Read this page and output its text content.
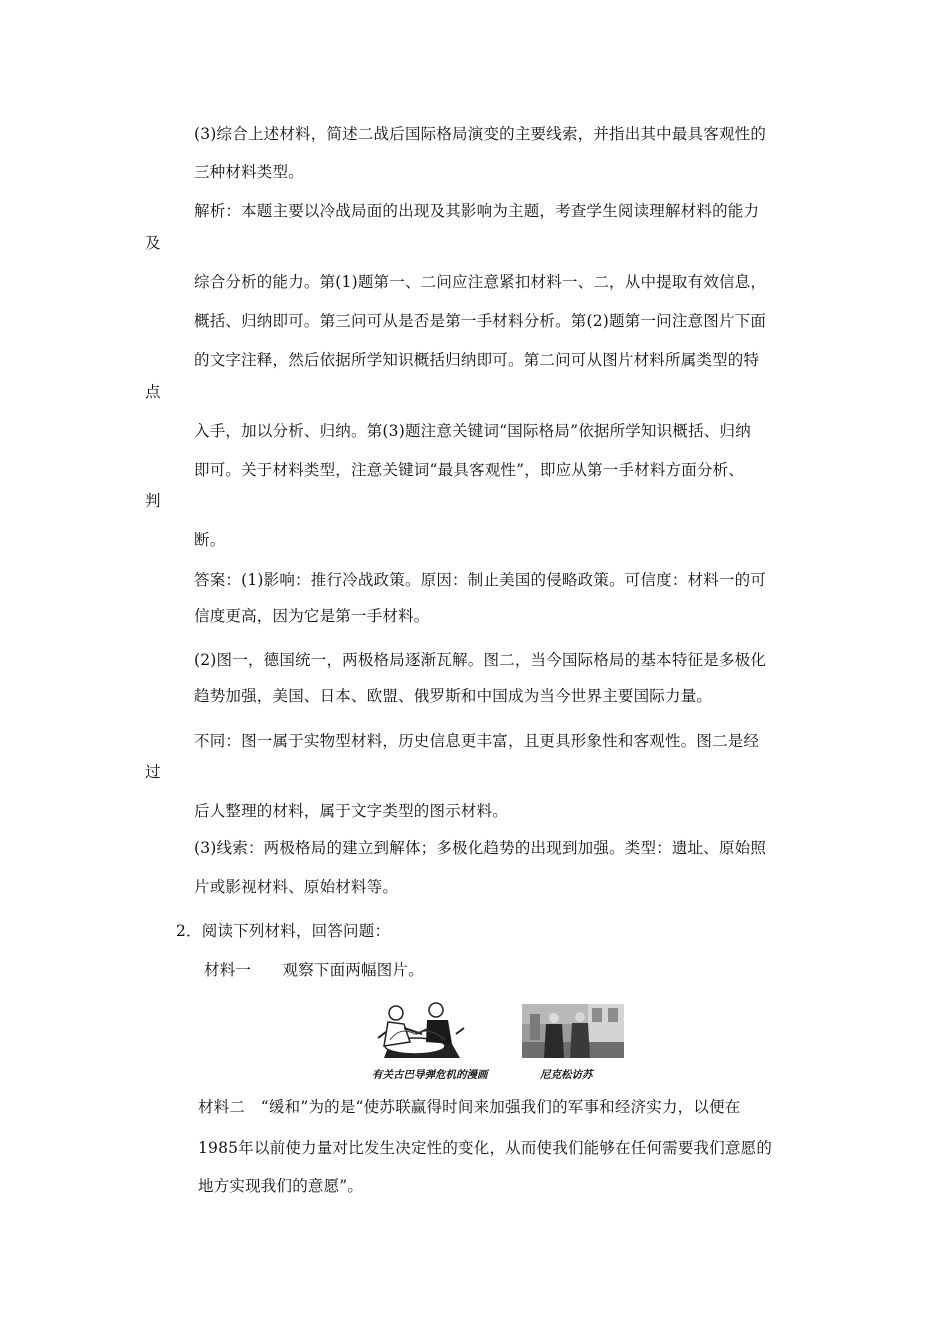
(3)综合上述材料，简述二战后国际格局演变的主要线索，并指出其中最具客观性的
三种材料类型。
解析：本题主要以冷战局面的出现及其影响为主题，考查学生阅读理解材料的能力
及
综合分析的能力。第(1)题第一、二问应注意紧扣材料一、二，从中提取有效信息，
概括、归纳即可。第三问可从是否是第一手材料分析。第(2)题第一问注意图片下面
的文字注释，然后依据所学知识概括归纳即可。第二问可从图片材料所属类型的特
点
入手，加以分析、归纳。第(3)题注意关键词“国际格局”依据所学知识概括、归纳
即可。关于材料类型，注意关键词“最具客观性”，即应从第一手材料方面分析、
判
断。
答案：(1)影响：推行冷战政策。原因：制止美国的侵略政策。可信度：材料一的可
信度更高，因为它是第一手材料。
(2)图一，德国统一，两极格局逐渐瓦解。图二，当今国际格局的基本特征是多极化
趋势加强，美国、日本、欧盟、俄罗斯和中国成为当今世界主要国际力量。
不同：图一属于实物型材料，历史信息更丰富，且更具形象性和客观性。图二是经
过
后人整理的材料，属于文字类型的图示材料。
(3)线索：两极格局的建立到解体；多极化趋势的出现到加强。类型：遗址、原始照
片或影视材料、原始材料等。
2．阅读下列材料，回答问题：
材料一　　观察下面两幅图片。
有关古巴导弹危机的漫画	尼克松访苏
材料二　“缓和”为的是“使苏联赢得时间来加强我们的军事和经济实力，以便在
1985年以前使力量对比发生决定性的变化，从而使我们能够在任何需要我们意愿的
地方实现我们的意愿”。
